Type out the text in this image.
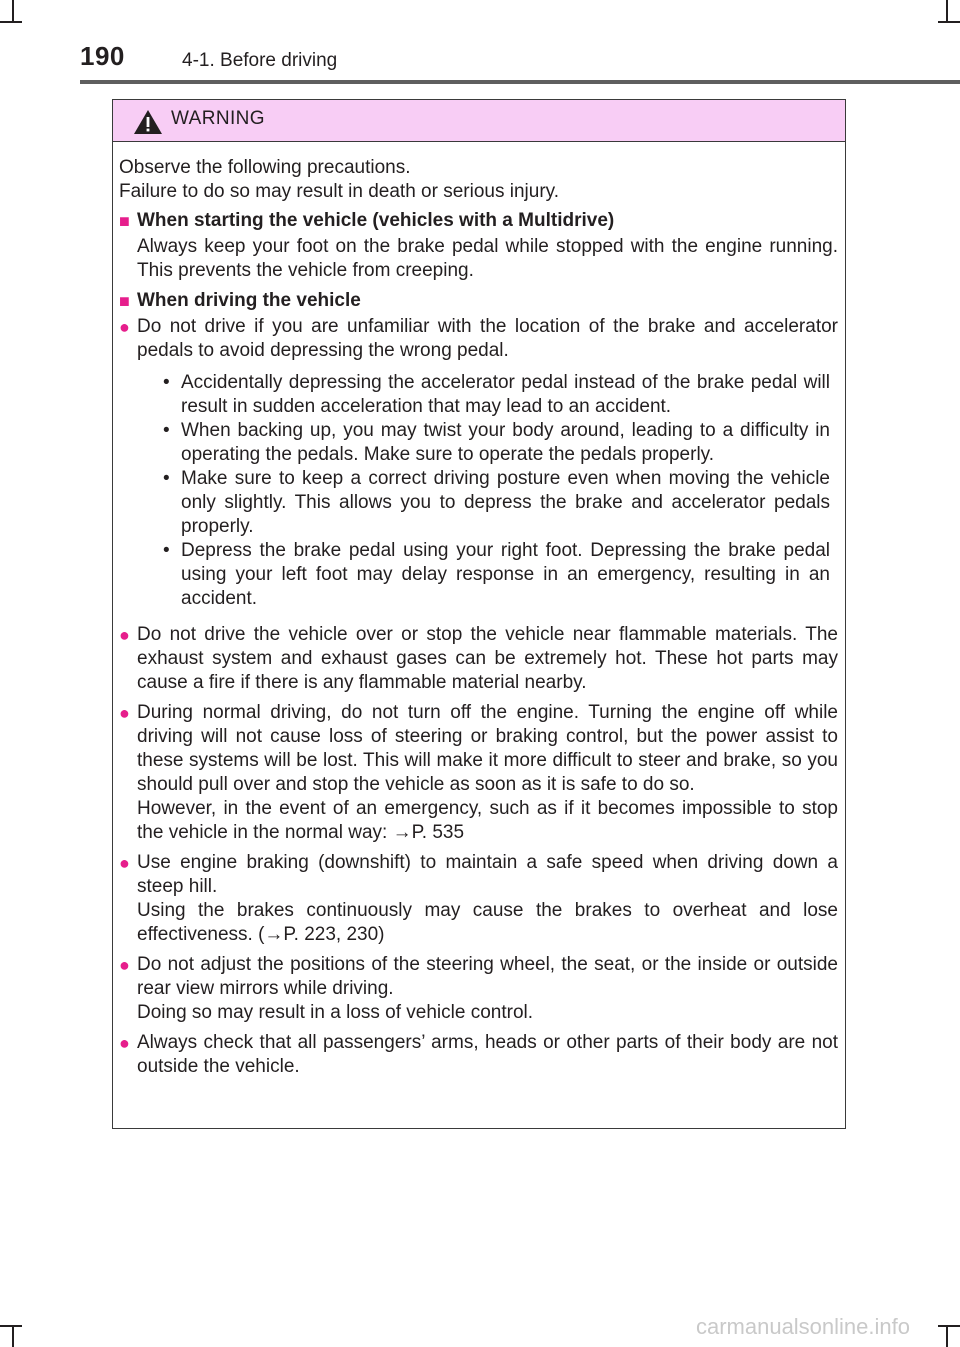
190	4-1. Before driving
WARNING
Observe the following precautions.
Failure to do so may result in death or serious injury.
■ When starting the vehicle (vehicles with a Multidrive)
Always keep your foot on the brake pedal while stopped with the engine running. This prevents the vehicle from creeping.
■ When driving the vehicle
● Do not drive if you are unfamiliar with the location of the brake and accelerator pedals to avoid depressing the wrong pedal.

• Accidentally depressing the accelerator pedal instead of the brake pedal will result in sudden acceleration that may lead to an accident.
• When backing up, you may twist your body around, leading to a difficulty in operating the pedals. Make sure to operate the pedals properly.
• Make sure to keep a correct driving posture even when moving the vehicle only slightly. This allows you to depress the brake and accelerator pedals properly.
• Depress the brake pedal using your right foot. Depressing the brake pedal using your left foot may delay response in an emergency, resulting in an accident.
● Do not drive the vehicle over or stop the vehicle near flammable materials. The exhaust system and exhaust gases can be extremely hot. These hot parts may cause a fire if there is any flammable material nearby.

● During normal driving, do not turn off the engine. Turning the engine off while driving will not cause loss of steering or braking control, but the power assist to these systems will be lost. This will make it more difficult to steer and brake, so you should pull over and stop the vehicle as soon as it is safe to do so.

However, in the event of an emergency, such as if it becomes impossible to stop the vehicle in the normal way: →P. 535

● Use engine braking (downshift) to maintain a safe speed when driving down a steep hill.

Using the brakes continuously may cause the brakes to overheat and lose effectiveness. (→P. 223, 230)

● Do not adjust the positions of the steering wheel, the seat, or the inside or outside rear view mirrors while driving.

Doing so may result in a loss of vehicle control.

● Always check that all passengers’ arms, heads or other parts of their body are not outside the vehicle.

carmanualsonline.info
